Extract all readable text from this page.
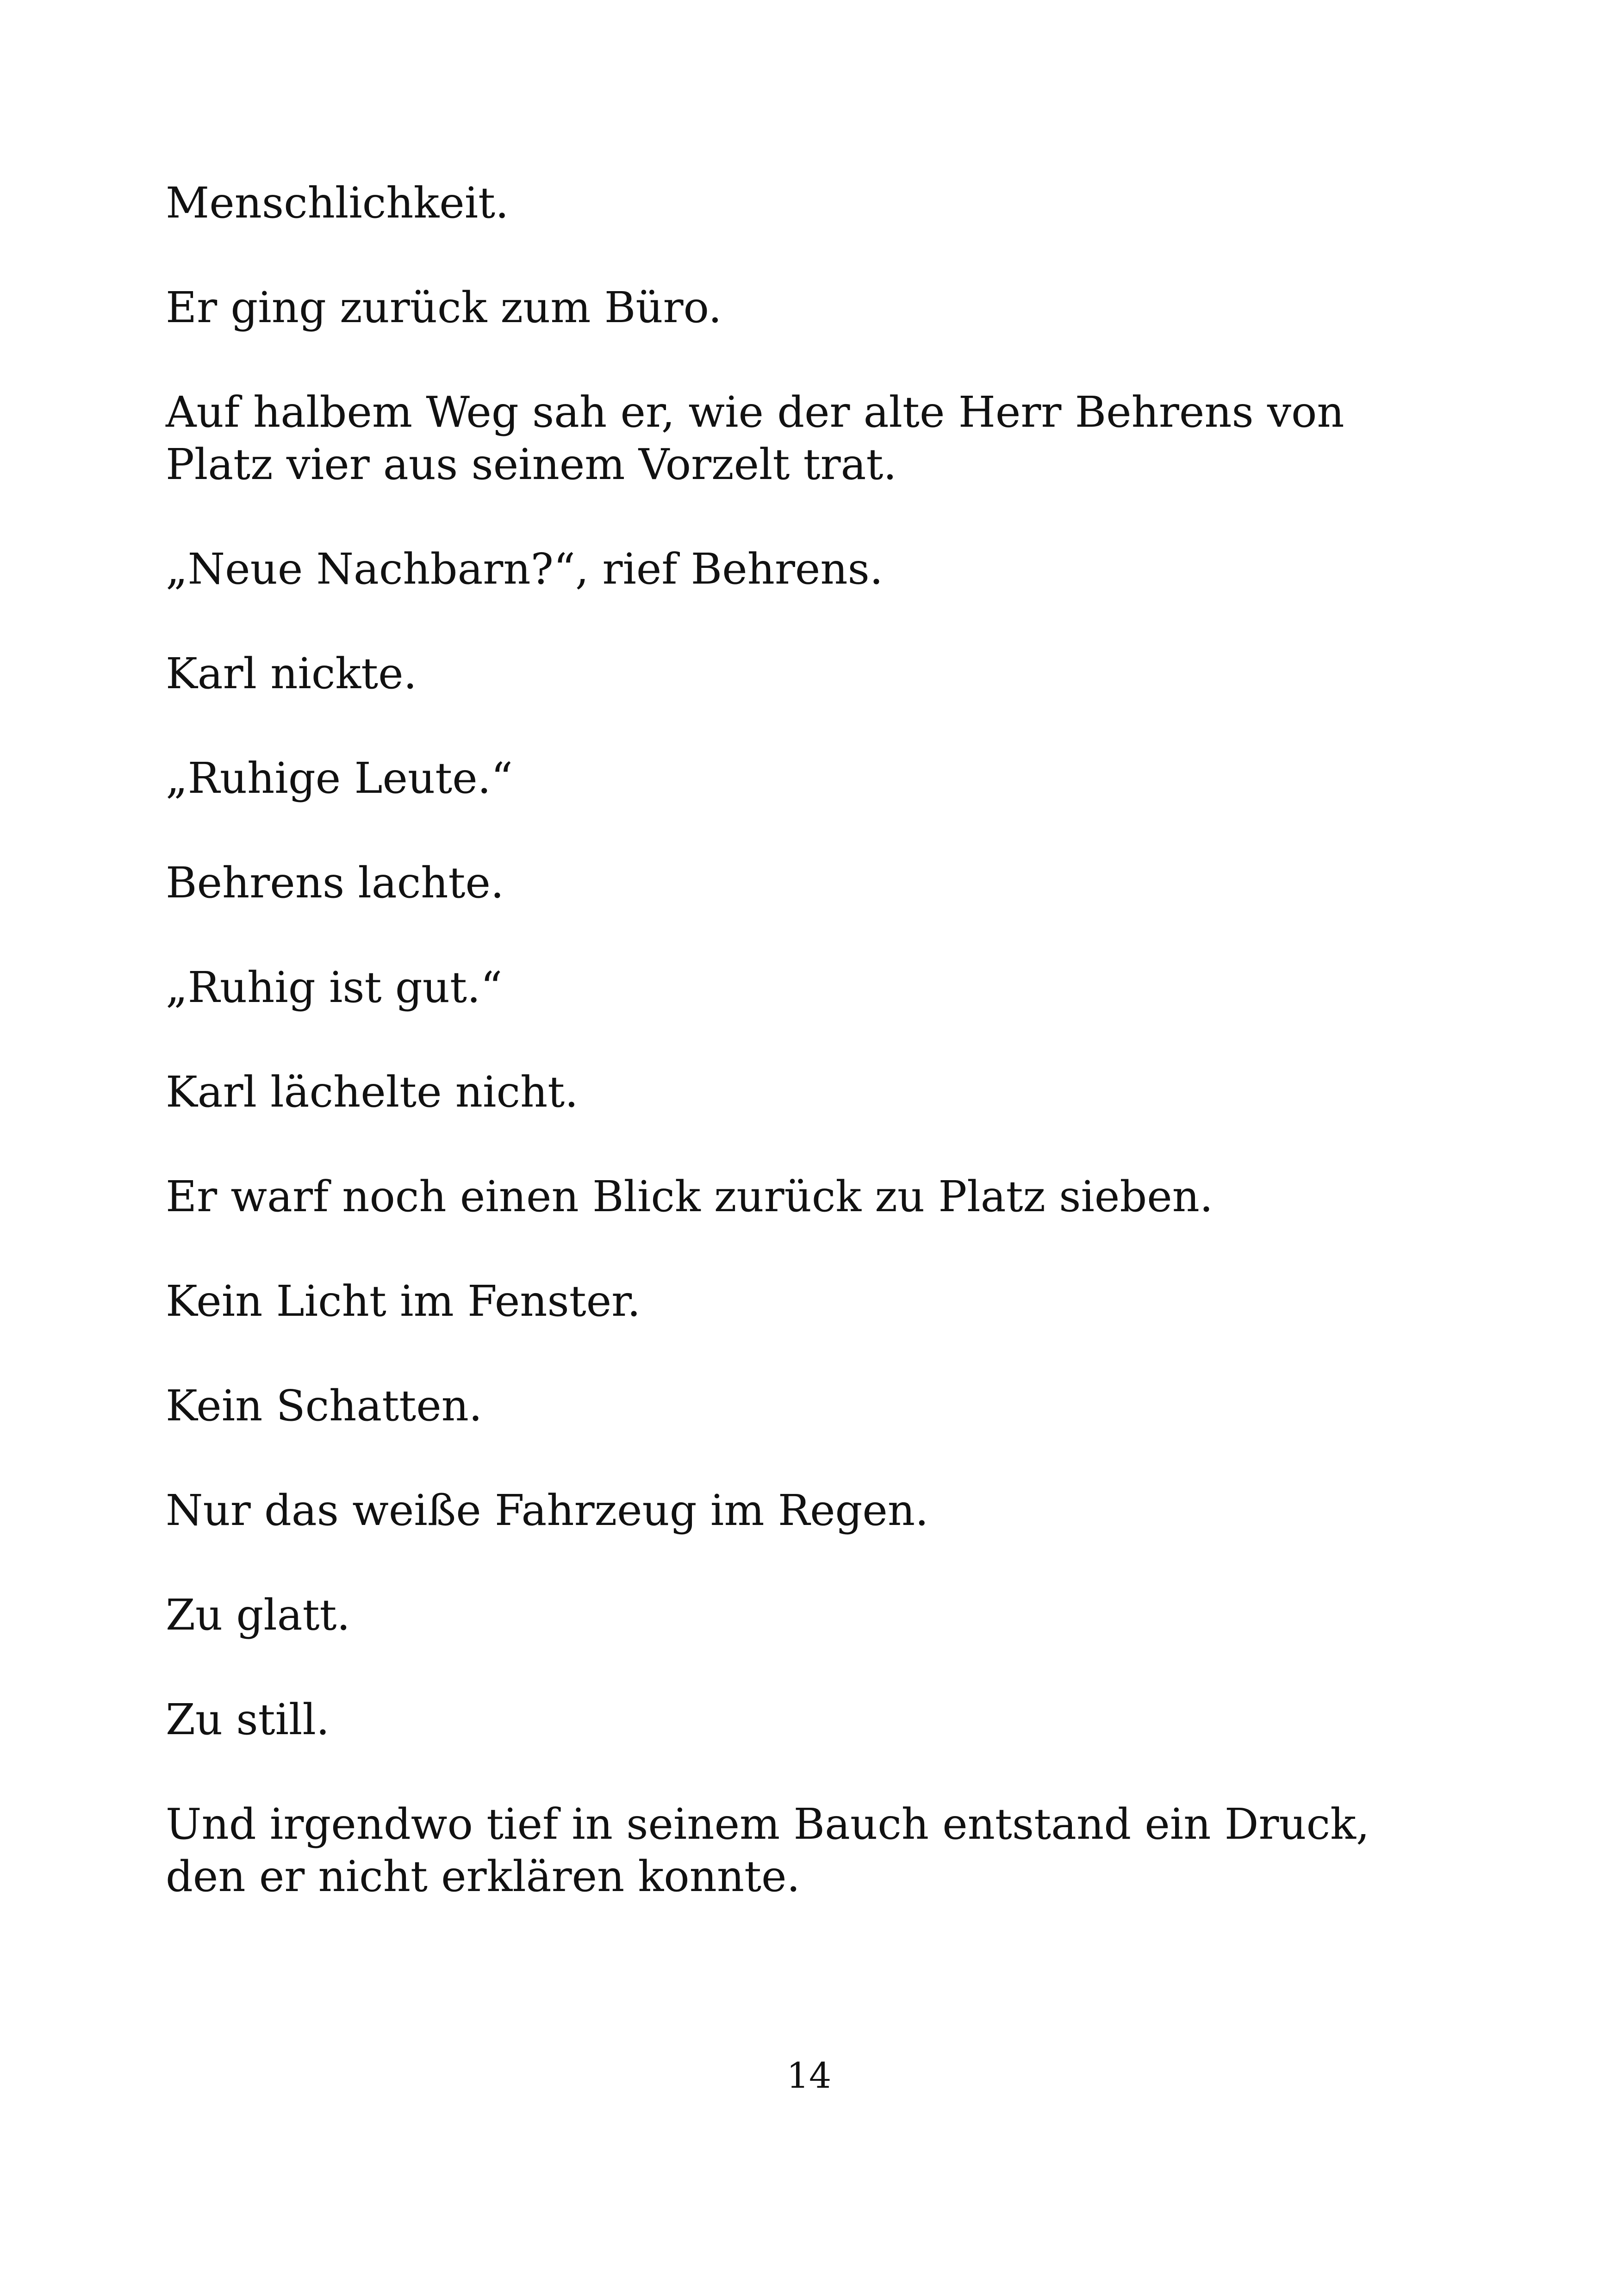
Menschlichkeit.

Er ging zurück zum Büro.

Auf halbem Weg sah er, wie der alte Herr Behrens von Platz vier aus seinem Vorzelt trat.

„Neue Nachbarn?“, rief Behrens.

Karl nickte.

„Ruhige Leute.“

Behrens lachte.

„Ruhig ist gut.“

Karl lächelte nicht.

Er warf noch einen Blick zurück zu Platz sieben.

Kein Licht im Fenster.

Kein Schatten.

Nur das weiße Fahrzeug im Regen.

Zu glatt.

Zu still.

Und irgendwo tief in seinem Bauch entstand ein Druck, den er nicht erklären konnte.

14
